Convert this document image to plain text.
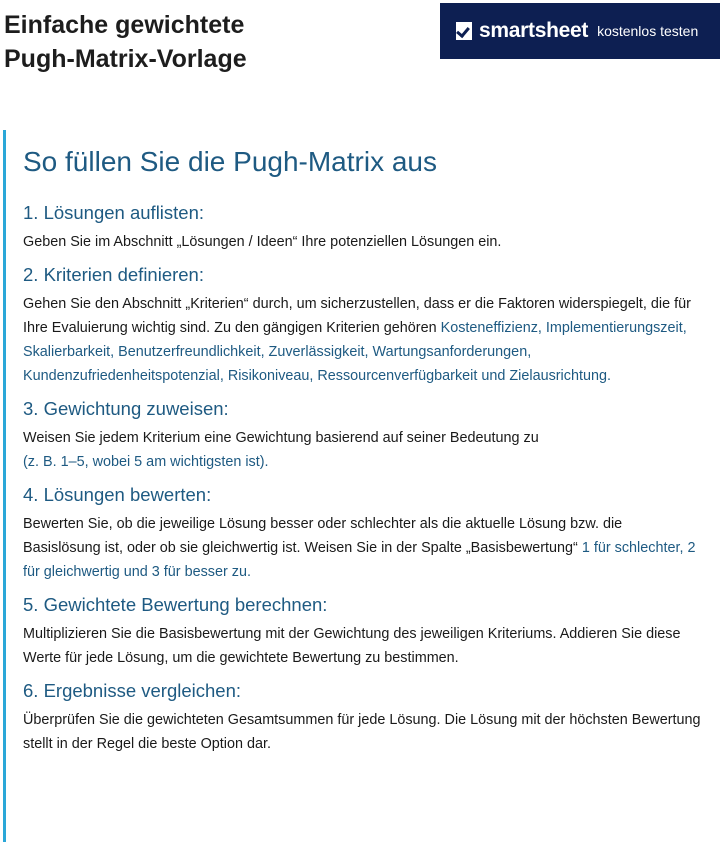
Einfache gewichtete
Pugh-Matrix-Vorlage
smartsheet kostenlos testen
So füllen Sie die Pugh-Matrix aus
1. Lösungen auflisten:

Geben Sie im Abschnitt „Lösungen / Ideen“ Ihre potenziellen Lösungen ein.

2. Kriterien definieren:

Gehen Sie den Abschnitt „Kriterien“ durch, um sicherzustellen, dass er die Faktoren widerspiegelt, die für Ihre Evaluierung wichtig sind. Zu den gängigen Kriterien gehören Kosteneffizienz, Implementierungszeit, Skalierbarkeit, Benutzerfreundlichkeit, Zuverlässigkeit, Wartungsanforderungen, Kundenzufriedenheitspotenzial, Risikoniveau, Ressourcenverfügbarkeit und Zielausrichtung.

3. Gewichtung zuweisen:

Weisen Sie jedem Kriterium eine Gewichtung basierend auf seiner Bedeutung zu
(z. B. 1–5, wobei 5 am wichtigsten ist).

4. Lösungen bewerten:

Bewerten Sie, ob die jeweilige Lösung besser oder schlechter als die aktuelle Lösung bzw. die Basislösung ist, oder ob sie gleichwertig ist. Weisen Sie in der Spalte „Basisbewertung“ 1 für schlechter, 2 für gleichwertig und 3 für besser zu.

5. Gewichtete Bewertung berechnen:

Multiplizieren Sie die Basisbewertung mit der Gewichtung des jeweiligen Kriteriums. Addieren Sie diese Werte für jede Lösung, um die gewichtete Bewertung zu bestimmen.

6. Ergebnisse vergleichen:

Überprüfen Sie die gewichteten Gesamtsummen für jede Lösung. Die Lösung mit der höchsten Bewertung stellt in der Regel die beste Option dar.
